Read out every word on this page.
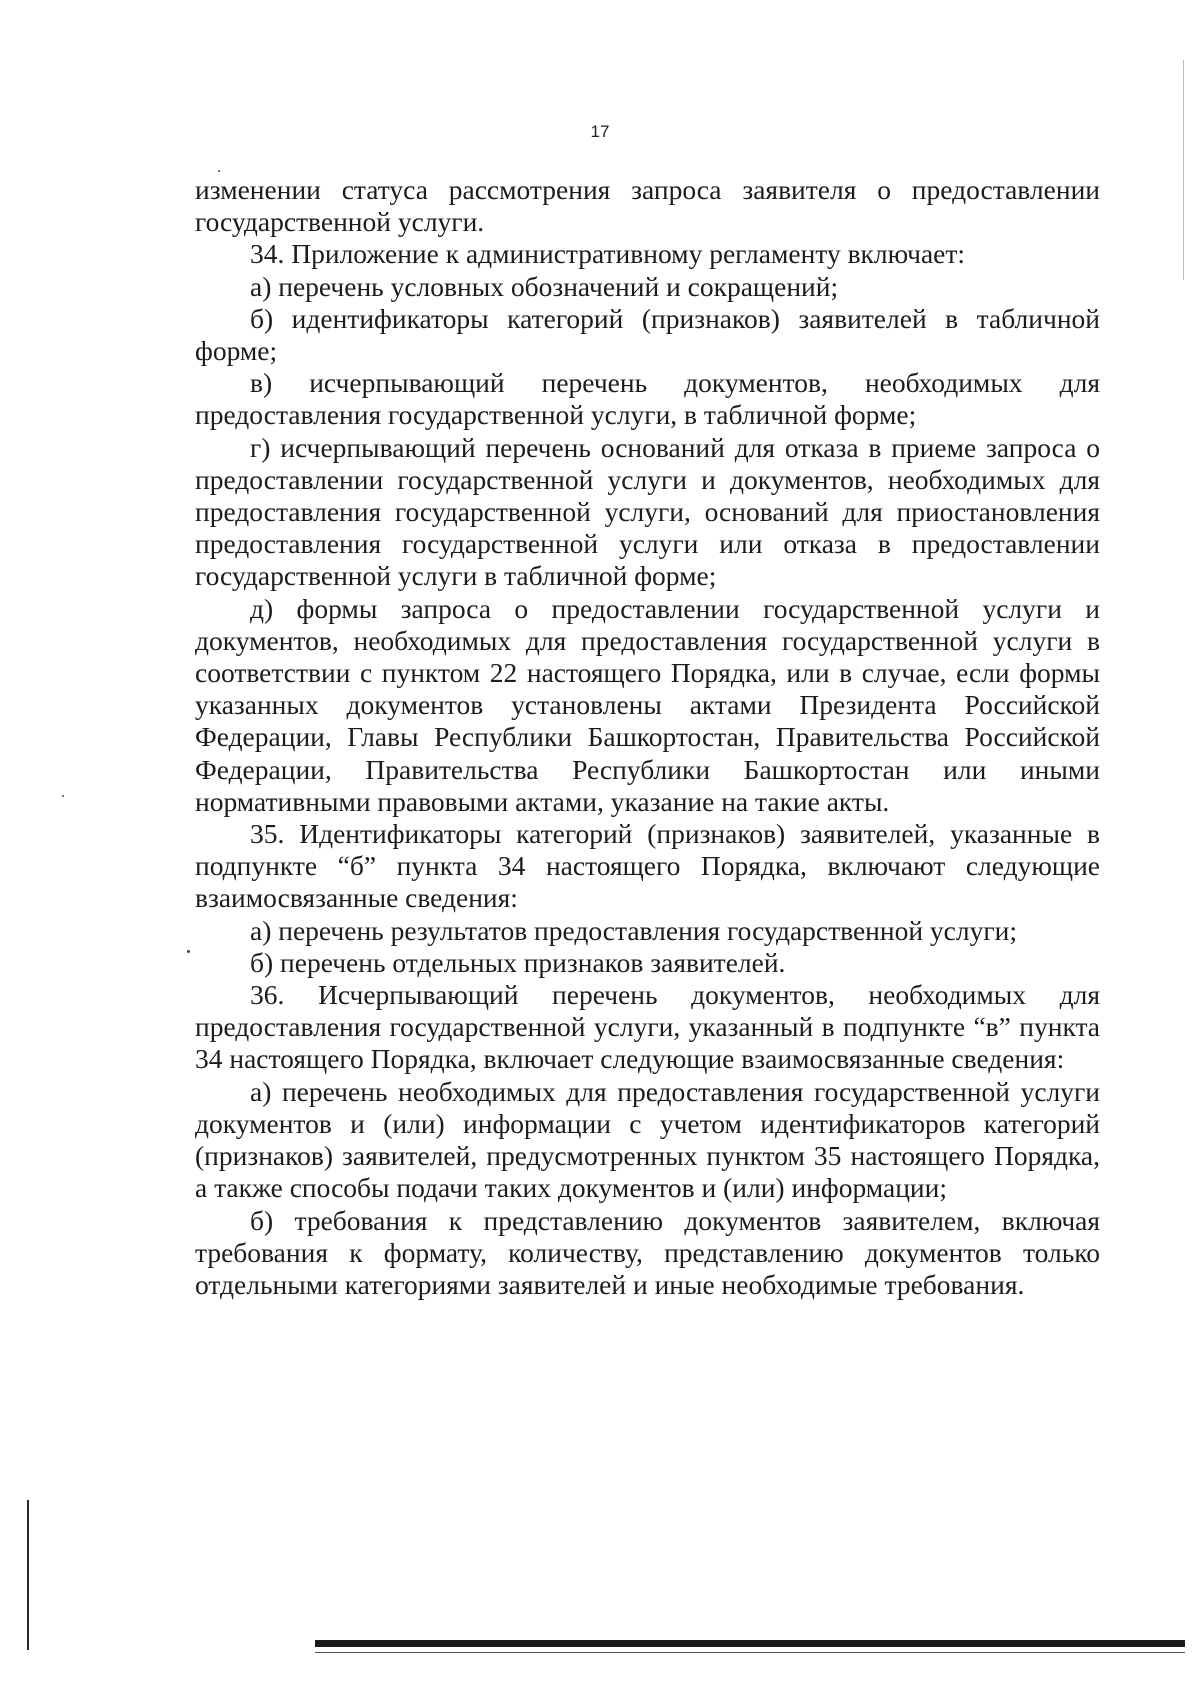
17

изменении статуса рассмотрения запроса заявителя о предоставлении государственной услуги.

34. Приложение к административному регламенту включает:

а) перечень условных обозначений и сокращений;

б) идентификаторы категорий (признаков) заявителей в табличной форме;

в) исчерпывающий перечень документов, необходимых для предоставления государственной услуги, в табличной форме;

г) исчерпывающий перечень оснований для отказа в приеме запроса о предоставлении государственной услуги и документов, необходимых для предоставления государственной услуги, оснований для приостановления предоставления государственной услуги или отказа в предоставлении государственной услуги в табличной форме;

д) формы запроса о предоставлении государственной услуги и документов, необходимых для предоставления государственной услуги в соответствии с пунктом 22 настоящего Порядка, или в случае, если формы указанных документов установлены актами Президента Российской Федерации, Главы Республики Башкортостан, Правительства Российской Федерации, Правительства Республики Башкортостан или иными нормативными правовыми актами, указание на такие акты.

35. Идентификаторы категорий (признаков) заявителей, указанные в подпункте “б” пункта 34 настоящего Порядка, включают следующие взаимосвязанные сведения:

а) перечень результатов предоставления государственной услуги;

б) перечень отдельных признаков заявителей.

36. Исчерпывающий перечень документов, необходимых для предоставления государственной услуги, указанный в подпункте “в” пункта 34 настоящего Порядка, включает следующие взаимосвязанные сведения:

а) перечень необходимых для предоставления государственной услуги документов и (или) информации с учетом идентификаторов категорий (признаков) заявителей, предусмотренных пунктом 35 настоящего Порядка, а также способы подачи таких документов и (или) информации;

б) требования к представлению документов заявителем, включая требования к формату, количеству, представлению документов только отдельными категориями заявителей и иные необходимые требования.
